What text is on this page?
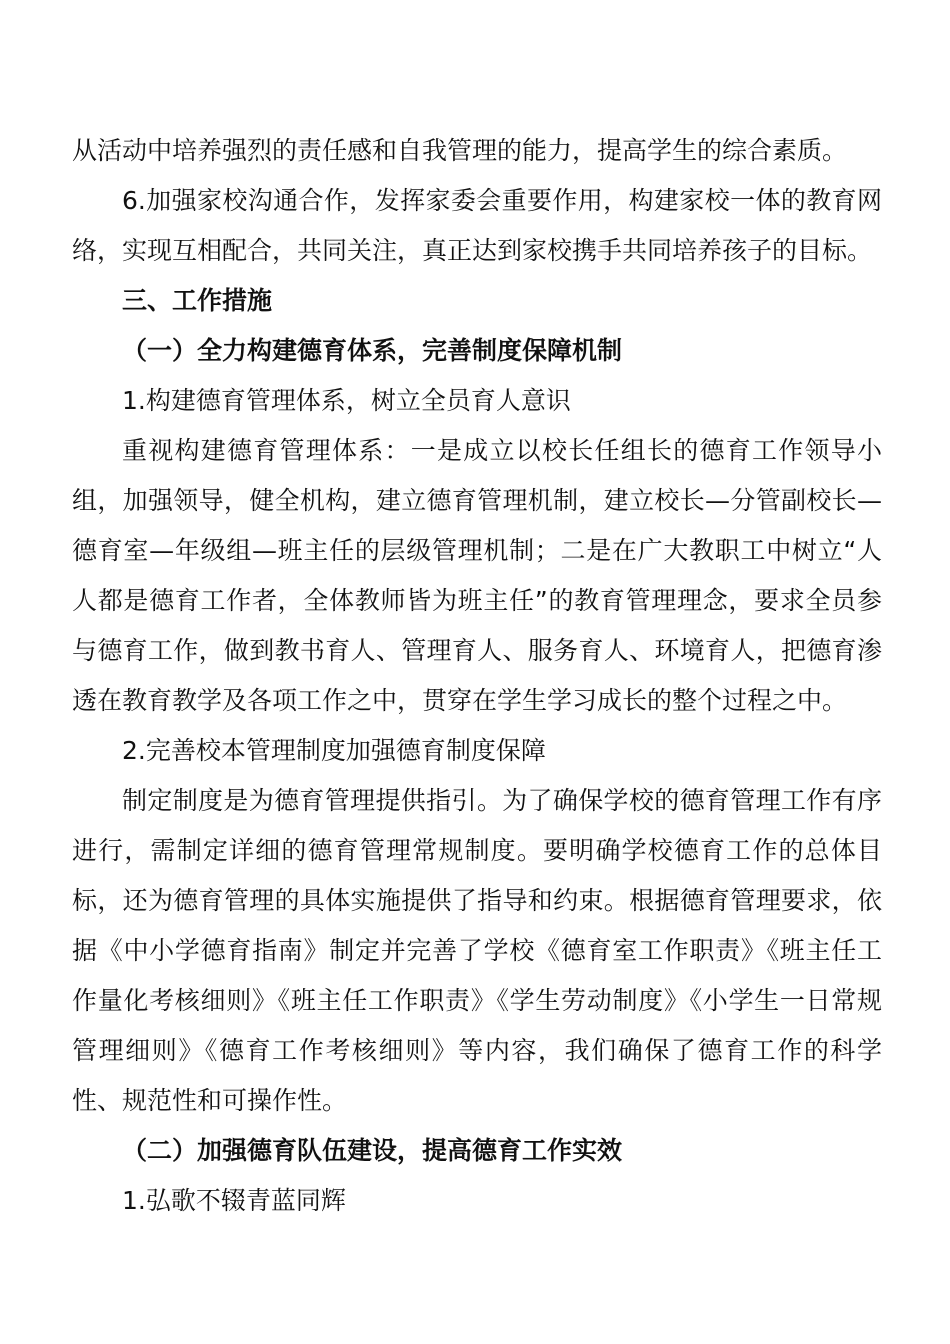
从活动中培养强烈的责任感和自我管理的能力，提高学生的综合素质。

6.加强家校沟通合作，发挥家委会重要作用，构建家校一体的教育网络，实现互相配合，共同关注，真正达到家校携手共同培养孩子的目标。

三、工作措施

（一）全力构建德育体系，完善制度保障机制

1.构建德育管理体系，树立全员育人意识

重视构建德育管理体系：一是成立以校长任组长的德育工作领导小组，加强领导，健全机构，建立德育管理机制，建立校长—分管副校长—德育室—年级组—班主任的层级管理机制；二是在广大教职工中树立“人人都是德育工作者，全体教师皆为班主任”的教育管理理念，要求全员参与德育工作，做到教书育人、管理育人、服务育人、环境育人，把德育渗透在教育教学及各项工作之中，贯穿在学生学习成长的整个过程之中。

2.完善校本管理制度加强德育制度保障

制定制度是为德育管理提供指引。为了确保学校的德育管理工作有序进行，需制定详细的德育管理常规制度。要明确学校德育工作的总体目标，还为德育管理的具体实施提供了指导和约束。根据德育管理要求，依据《中小学德育指南》制定并完善了学校《德育室工作职责》《班主任工作量化考核细则》《班主任工作职责》《学生劳动制度》《小学生一日常规管理细则》《德育工作考核细则》等内容，我们确保了德育工作的科学性、规范性和可操作性。

（二）加强德育队伍建设，提高德育工作实效

1.弘歌不辍青蓝同辉
